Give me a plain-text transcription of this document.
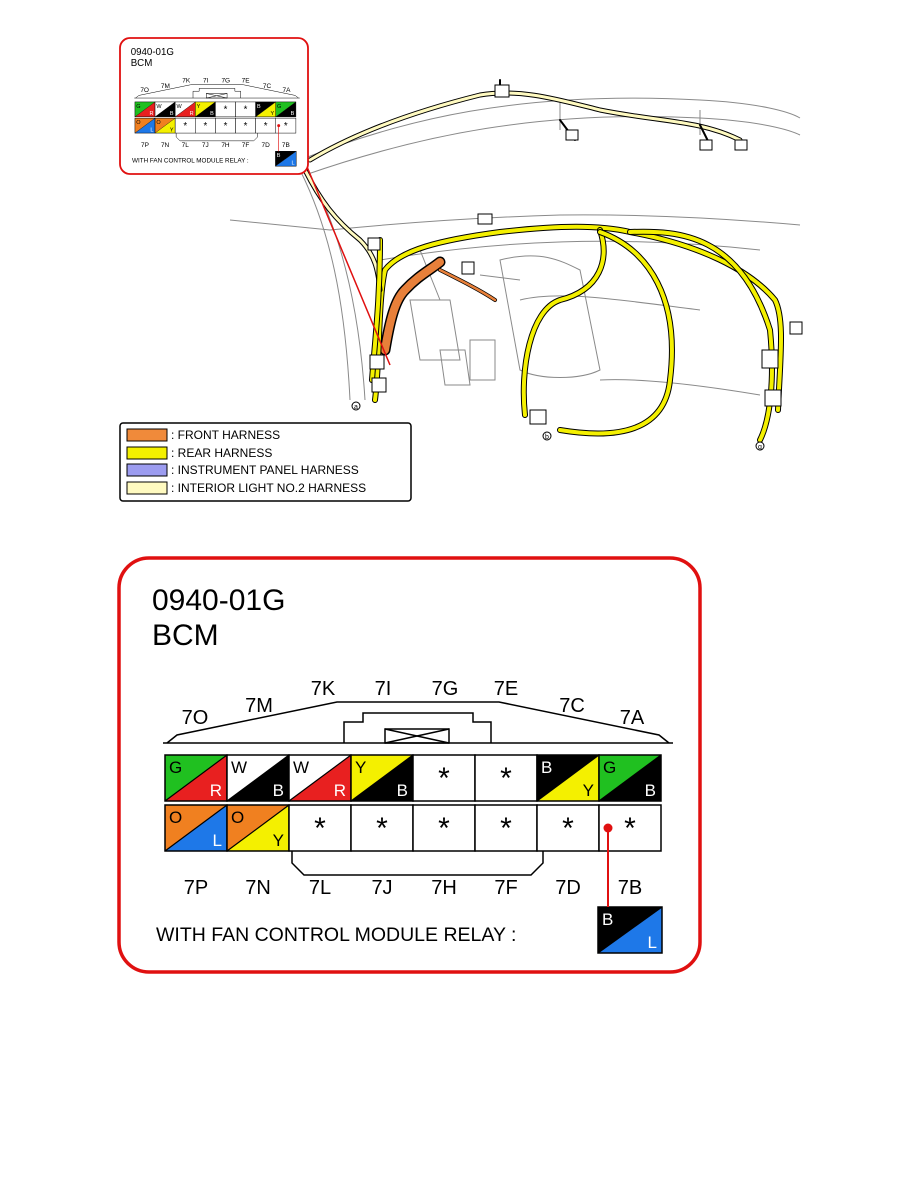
a
b
g
0940-01G
BCM
7O
7M
7K 7I 7G 7E
7C
7A
G
R
W
B
W
R
Y
B * * B
Y
G
B
O
L
O
Y * * * * * *
7P 7N 7L 7J 7H 7F 7D 7B
WITH FAN CONTROL MODULE RELAY :
B
L
: FRONT HARNESS
: REAR HARNESS
: INSTRUMENT PANEL HARNESS
: INTERIOR LIGHT NO.2 HARNESS
0940-01G
BCM
7O
7M
7K 7I 7G 7E
7C
7A
G
R
W
B
W
R
Y
B * * B
Y
G
B
O
L
O
Y * * * * * *
7P 7N 7L 7J 7H 7F 7D 7B
WITH FAN CONTROL MODULE RELAY :
B
L
